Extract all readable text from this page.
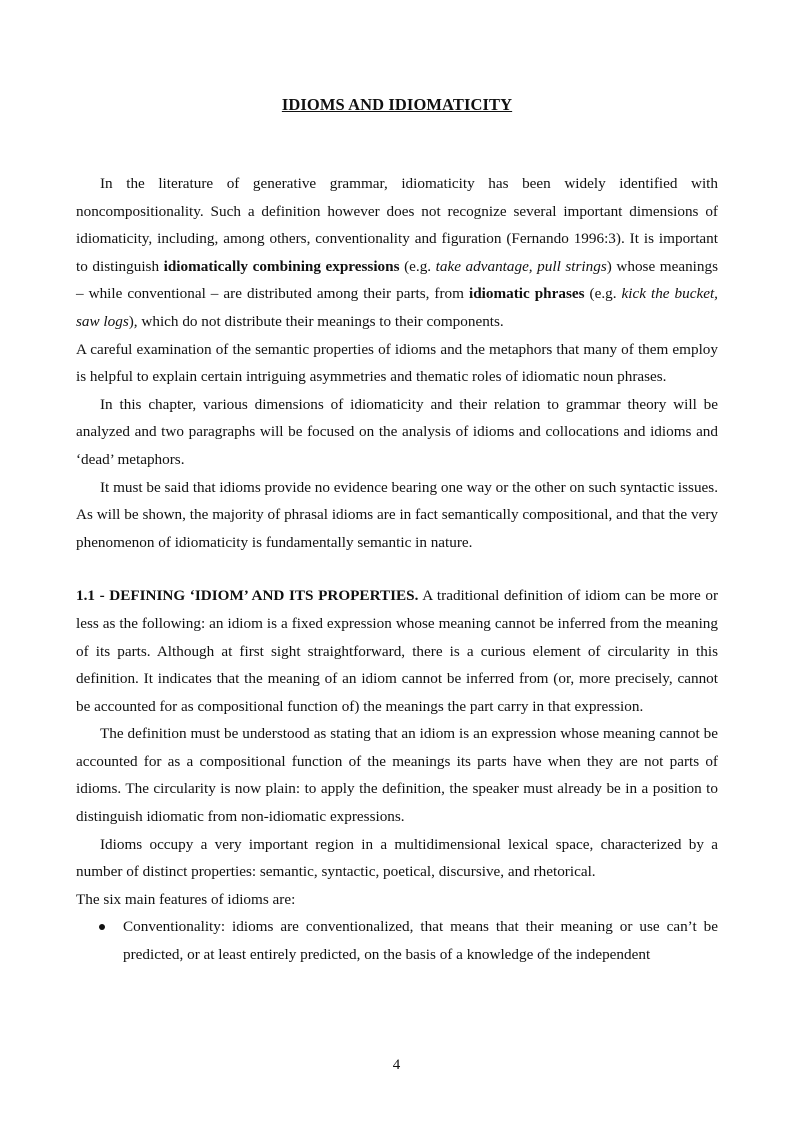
IDIOMS AND IDIOMATICITY

In the literature of generative grammar, idiomaticity has been widely identified with noncompositionality. Such a definition however does not recognize several important dimensions of idiomaticity, including, among others, conventionality and figuration (Fernando 1996:3). It is important to distinguish idiomatically combining expressions (e.g. take advantage, pull strings) whose meanings – while conventional – are distributed among their parts, from idiomatic phrases (e.g. kick the bucket, saw logs), which do not distribute their meanings to their components.

A careful examination of the semantic properties of idioms and the metaphors that many of them employ is helpful to explain certain intriguing asymmetries and thematic roles of idiomatic noun phrases.

In this chapter, various dimensions of idiomaticity and their relation to grammar theory will be analyzed and two paragraphs will be focused on the analysis of idioms and collocations and idioms and ‘dead’ metaphors.

It must be said that idioms provide no evidence bearing one way or the other on such syntactic issues. As will be shown, the majority of phrasal idioms are in fact semantically compositional, and that the very phenomenon of idiomaticity is fundamentally semantic in nature.

1.1 - DEFINING ‘IDIOM’ AND ITS PROPERTIES. A traditional definition of idiom can be more or less as the following: an idiom is a fixed expression whose meaning cannot be inferred from the meaning of its parts. Although at first sight straightforward, there is a curious element of circularity in this definition. It indicates that the meaning of an idiom cannot be inferred from (or, more precisely, cannot be accounted for as compositional function of) the meanings the part carry in that expression.

The definition must be understood as stating that an idiom is an expression whose meaning cannot be accounted for as a compositional function of the meanings its parts have when they are not parts of idioms. The circularity is now plain: to apply the definition, the speaker must already be in a position to distinguish idiomatic from non-idiomatic expressions.

Idioms occupy a very important region in a multidimensional lexical space, characterized by a number of distinct properties: semantic, syntactic, poetical, discursive, and rhetorical.

The six main features of idioms are:

Conventionality: idioms are conventionalized, that means that their meaning or use can’t be predicted, or at least entirely predicted, on the basis of a knowledge of the independent
4
